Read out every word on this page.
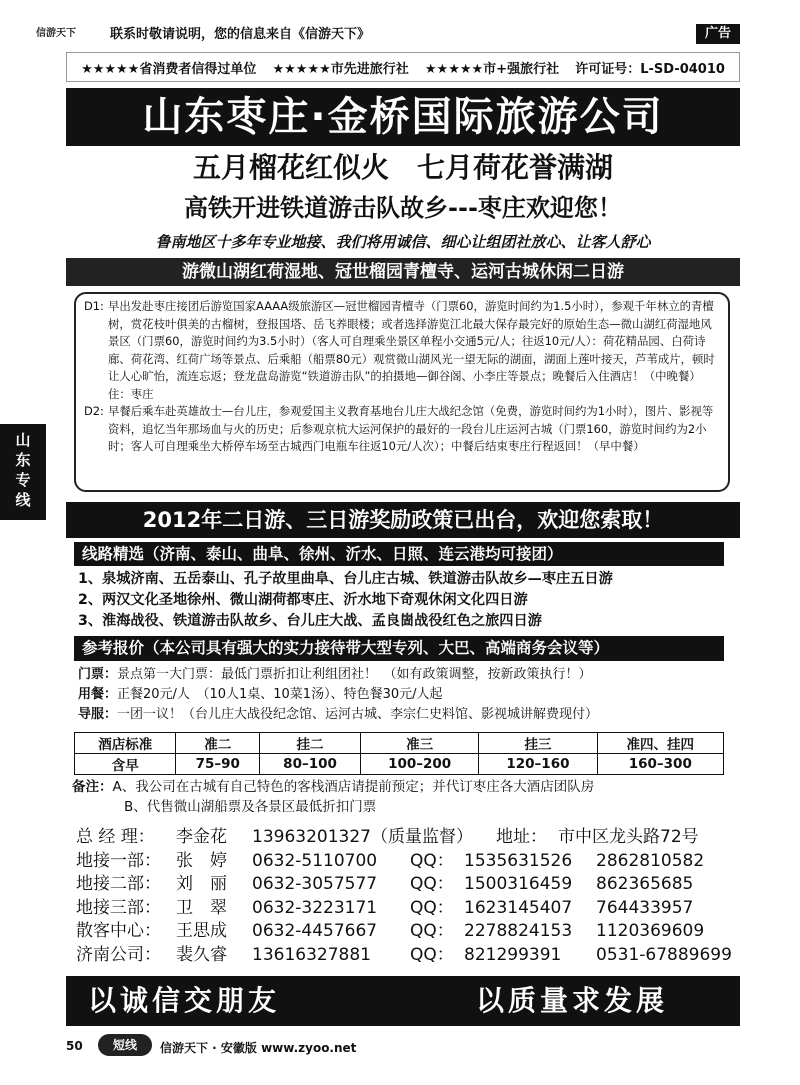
信游天下	联系时敬请说明，您的信息来自《信游天下》	广告
★★★★★省消费者信得过单位 ★★★★★市先进旅行社 ★★★★★市+强旅行社 许可证号：L-SD-04010
山东枣庄·金桥国际旅游公司
五月榴花红似火　七月荷花誉满湖
高铁开进铁道游击队故乡---枣庄欢迎您！
鲁南地区十多年专业地接、我们将用诚信、细心让组团社放心、让客人舒心
游微山湖红荷湿地、冠世榴园青檀寺、运河古城休闲二日游
D1: 早出发赴枣庄接团后游览国家AAAA级旅游区—冠世榴园青檀寺（门票60，游览时间约为1.5小时），参观千年林立的青檀树，赏花枝叶俱美的古榴树，登报国塔、岳飞养眼楼；或者选择游览江北最大保存最完好的原始生态—微山湖红荷湿地风景区（门票60，游览时间约为3.5小时）（客人可自理乘坐景区单程小交通5元/人；往返10元/人）：荷花精品园、白荷诗廊、荷花湾、红荷广场等景点、后乘船（船票80元）观赏微山湖风光一望无际的湖面，湖面上莲叶接天，芦苇成片，顿时让人心旷怡，流连忘返；登龙盘岛游览“铁道游击队”的拍摄地—御谷阁、小李庄等景点；晚餐后入住酒店！（中晚餐）住：枣庄
D2: 早餐后乘车赴英雄故士—台儿庄，参观爱国主义教育基地台儿庄大战纪念馆（免费，游览时间约为1小时），图片、影视等资料，追忆当年那场血与火的历史；后参观京杭大运河保护的最好的一段台儿庄运河古城（门票160，游览时间约为2小时；客人可自理乘坐大桥停车场至古城西门电瓶车往返10元/人次）；中餐后结束枣庄行程返回！（早中餐）
山
东
专
线
2012年二日游、三日游奖励政策已出台，欢迎您索取！
线路精选（济南、泰山、曲阜、徐州、沂水、日照、连云港均可接团）
1、泉城济南、五岳泰山、孔子故里曲阜、台儿庄古城、铁道游击队故乡—枣庄五日游
2、两汉文化圣地徐州、微山湖荷都枣庄、沂水地下奇观休闲文化四日游
3、淮海战役、铁道游击队故乡、台儿庄大战、孟良崮战役红色之旅四日游
参考报价（本公司具有强大的实力接待带大型专列、大巴、高端商务会议等）
门票：景点第一大门票：最低门票折扣让利组团社！　（如有政策调整，按新政策执行！）
用餐：正餐20元/人　（10人1桌、10菜1汤）、特色餐30元/人起
导服：一团一议！（台儿庄大战役纪念馆、运河古城、李宗仁史料馆、影视城讲解费现付）
酒店标准	准二	挂二	准三	挂三	准四、挂四
含早	75–90	80–100	100–200	120–160	160–300
备注：A、我公司在古城有自己特色的客栈酒店请提前预定；并代订枣庄各大酒店团队房
B、代售微山湖船票及各景区最低折扣门票
总 经 理： 李金花 13963201327（质量监督） 地址： 市中区龙头路72号
地接一部： 张　婷 0632-5110700 QQ： 1535631526 2862810582
地接二部： 刘　丽 0632-3057577 QQ： 1500316459 862365685
地接三部： 卫　翠 0632-3223171 QQ： 1623145407 764433957
散客中心： 王思成 0632-4457667 QQ： 2278824153 1120369609
济南公司： 裴久睿 13616327881 QQ： 821299391 0531-67889699
以诚信交朋友	以质量求发展
50	短线	信游天下 · 安徽版 www.zyoo.net
